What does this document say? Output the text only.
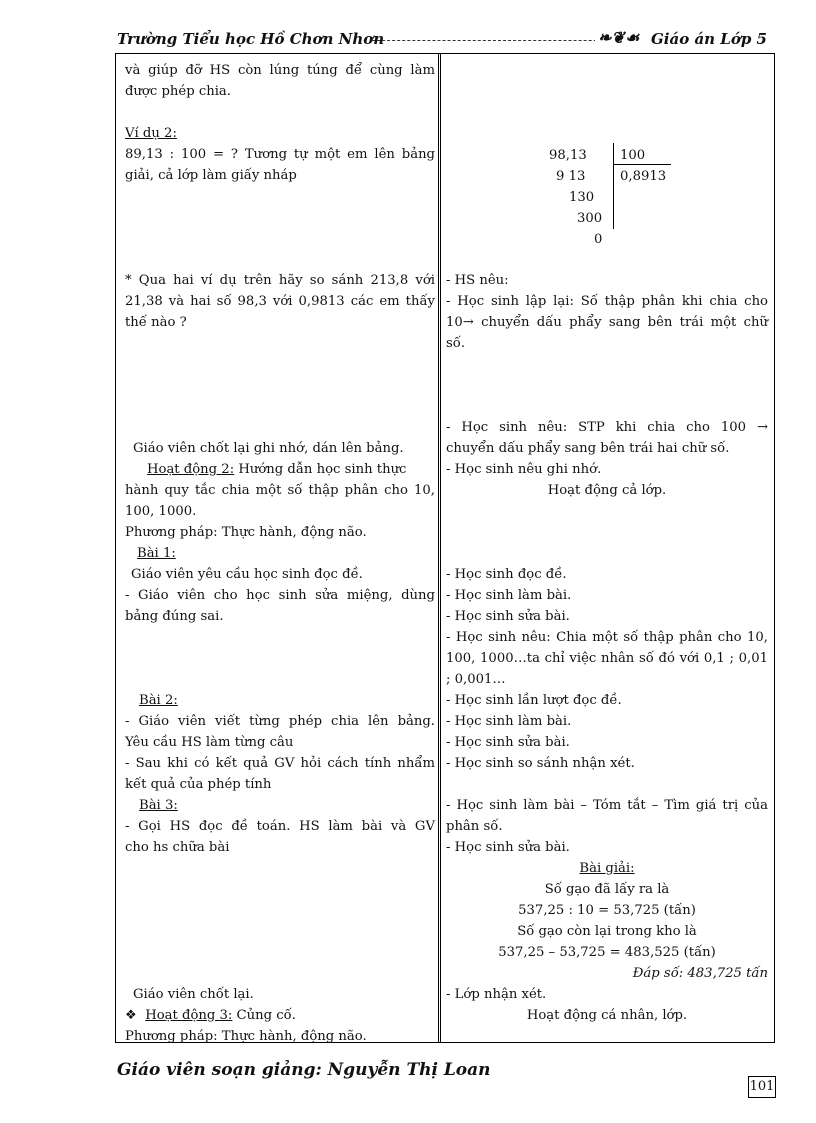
Trường Tiểu học Hồ Chơn Nhơn	❧❦☙ Giáo án Lớp 5
và giúp đỡ HS còn lúng túng để cùng làm
được phép chia.
Ví dụ 2:
89,13 : 100 = ? Tương tự một em lên bảng
giải, cả lớp làm giấy nháp
* Qua hai ví dụ trên hãy so sánh 213,8 với
21,38 và hai số 98,3 với 0,9813 các em thấy
thế nào ?
Giáo viên chốt lại ghi nhớ, dán lên bảng.
Hoạt động 2: Hướng dẫn học sinh thực
hành quy tắc chia một số thập phân cho 10,
100, 1000.
Phương pháp: Thực hành, động não.
Bài 1:
Giáo viên yêu cầu học sinh đọc đề.
- Giáo viên cho học sinh sửa miệng, dùng
bảng đúng sai.
Bài 2:
- Giáo viên viết từng phép chia lên bảng.
Yêu cầu HS làm từng câu
- Sau khi có kết quả GV hỏi cách tính nhẩm
kết quả của phép tính
Bài 3:
- Gọi HS đọc đề toán. HS làm bài và GV
cho hs chữa bài
Giáo viên chốt lại.
❖ Hoạt động 3: Củng cố.
Phương pháp: Thực hành, động não.
98,13	100
9 13	0,8913
130
300
0
- HS nêu:
- Học sinh lập lại: Số thập phân khi chia cho
10→ chuyển dấu phẩy sang bên trái một chữ
số.
- Học sinh nêu: STP khi chia cho 100 →
chuyển dấu phẩy sang bên trái hai chữ số.
- Học sinh nêu ghi nhớ.
Hoạt động cả lớp.
- Học sinh đọc đề.
- Học sinh làm bài.
- Học sinh sửa bài.
- Học sinh nêu: Chia một số thập phân cho 10,
100, 1000…ta chỉ việc nhân số đó với 0,1 ; 0,01
; 0,001…
- Học sinh lần lượt đọc đề.
- Học sinh làm bài.
- Học sinh sửa bài.
- Học sinh so sánh nhận xét.
- Học sinh làm bài – Tóm tắt – Tìm giá trị của
phân số.
- Học sinh sửa bài.
Bài giải:
Số gạo đã lấy ra là
537,25 : 10 = 53,725 (tấn)
Số gạo còn lại trong kho là
537,25 – 53,725 = 483,525 (tấn)
Đáp số: 483,725 tấn
- Lớp nhận xét.
Hoạt động cá nhân, lớp.
Giáo viên soạn giảng: Nguyễn Thị Loan
101
